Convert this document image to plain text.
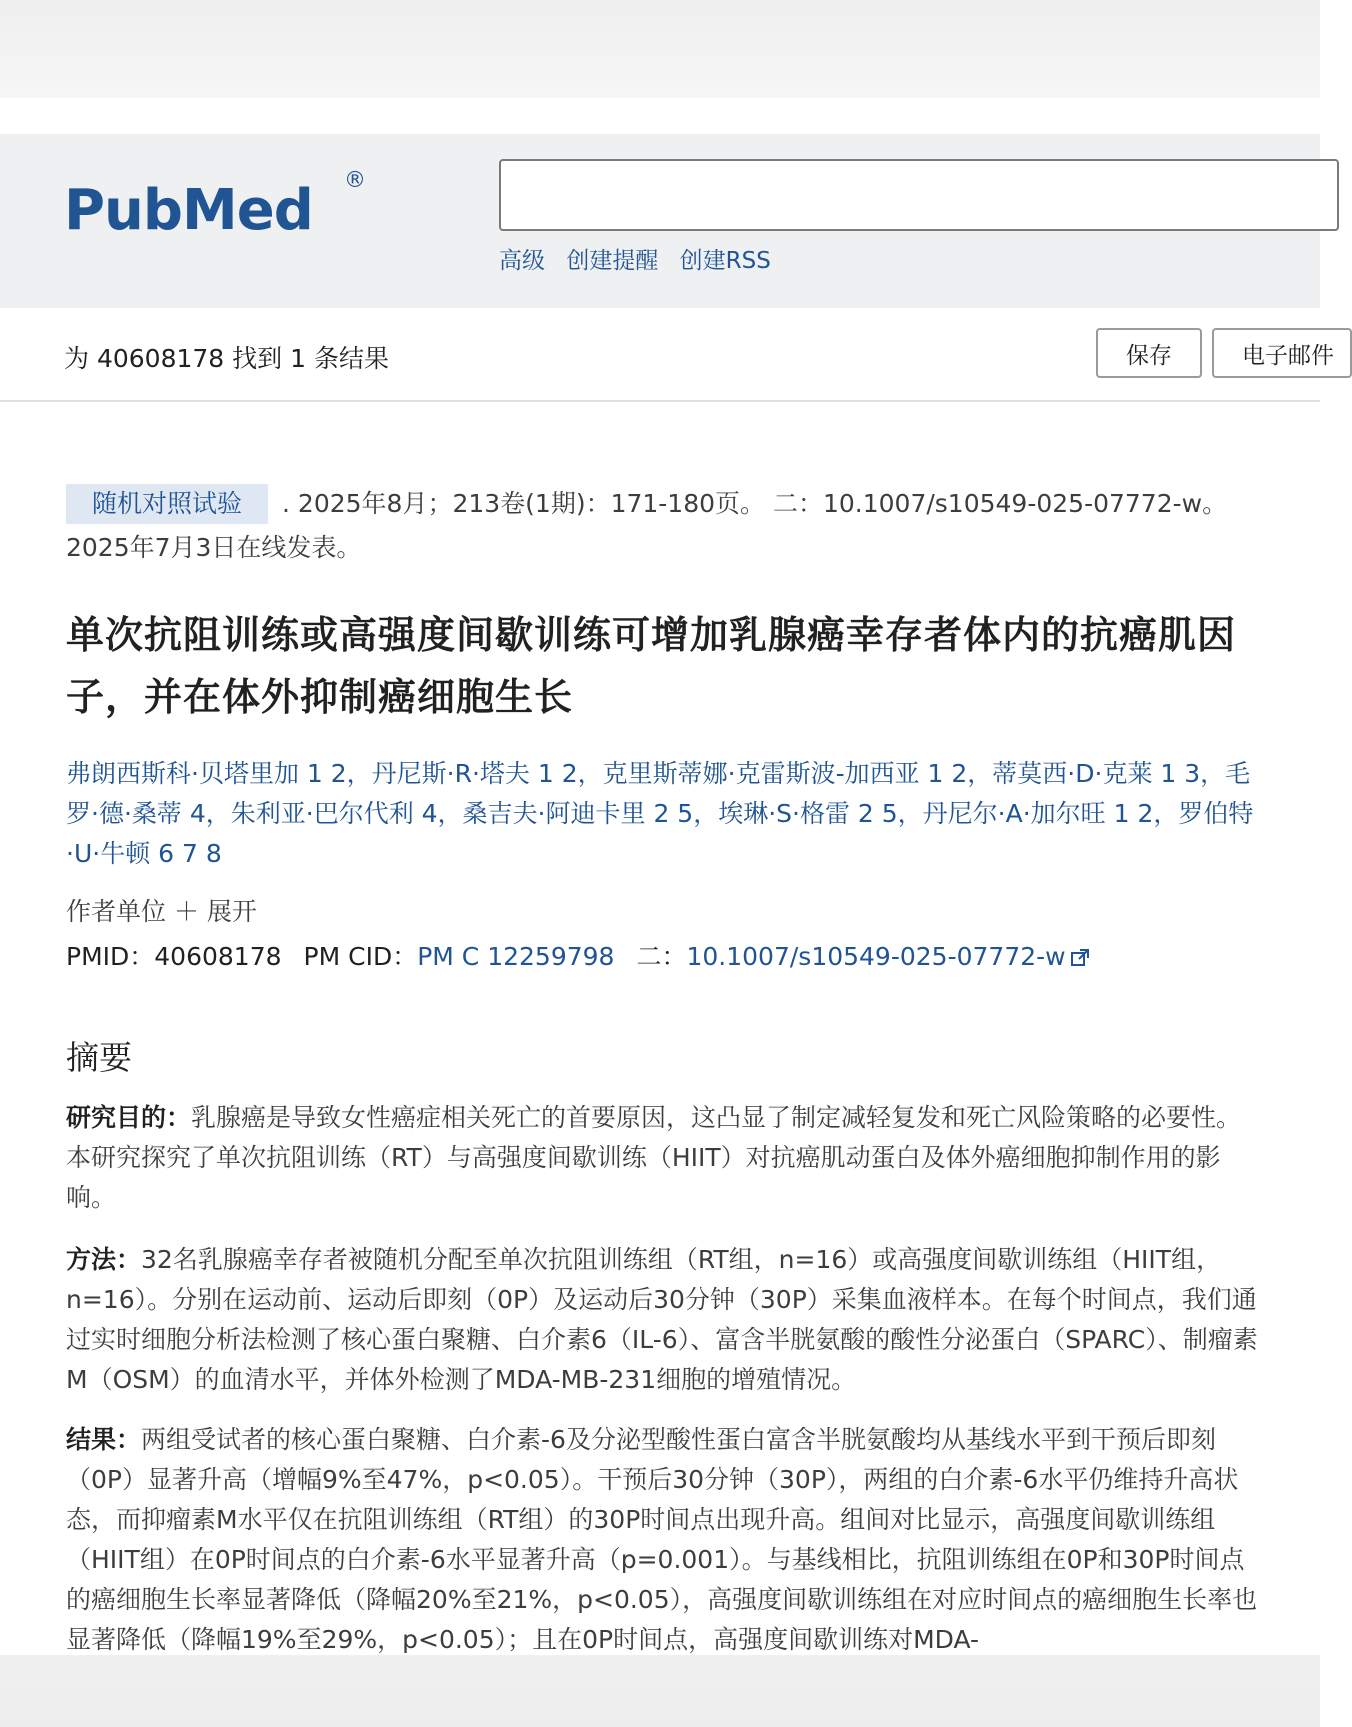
PubMed ®
高级 创建提醒 创建RSS
为 40608178 找到 1 条结果	保存	电子邮件
随机对照试验 . 2025年8月；213卷(1期)：171-180页。 二：10.1007/s10549-025-07772-w。
2025年7月3日在线发表。
单次抗阻训练或高强度间歇训练可增加乳腺癌幸存者体内的抗癌肌因子，并在体外抑制癌细胞生长
弗朗西斯科·贝塔里加 1 2，丹尼斯·R·塔夫 1 2，克里斯蒂娜·克雷斯波-加西亚 1 2，蒂莫西·D·克莱 1 3，毛罗·德·桑蒂 4，朱利亚·巴尔代利 4，桑吉夫·阿迪卡里 2 5，埃琳·S·格雷 2 5，丹尼尔·A·加尔旺 1 2，罗伯特·U·牛顿 6 7 8
作者单位 ＋ 展开
PMID：40608178 PM CID：PM C 12259798 二：10.1007/s10549-025-07772-w
摘要
研究目的：乳腺癌是导致女性癌症相关死亡的首要原因，这凸显了制定减轻复发和死亡风险策略的必要性。本研究探究了单次抗阻训练（RT）与高强度间歇训练（HIIT）对抗癌肌动蛋白及体外癌细胞抑制作用的影响。
方法：32名乳腺癌幸存者被随机分配至单次抗阻训练组（RT组，n=16）或高强度间歇训练组（HIIT组，n=16）。分别在运动前、运动后即刻（0P）及运动后30分钟（30P）采集血液样本。在每个时间点，我们通过实时细胞分析法检测了核心蛋白聚糖、白介素6（IL-6）、富含半胱氨酸的酸性分泌蛋白（SPARC）、制瘤素M（OSM）的血清水平，并体外检测了MDA-MB-231细胞的增殖情况。
结果：两组受试者的核心蛋白聚糖、白介素-6及分泌型酸性蛋白富含半胱氨酸均从基线水平到干预后即刻（0P）显著升高（增幅9%至47%，p<0.05）。干预后30分钟（30P），两组的白介素-6水平仍维持升高状态，而抑瘤素M水平仅在抗阻训练组（RT组）的30P时间点出现升高。组间对比显示，高强度间歇训练组（HIIT组）在0P时间点的白介素-6水平显著升高（p=0.001）。与基线相比，抗阻训练组在0P和30P时间点的癌细胞生长率显著降低（降幅20%至21%，p<0.05），高强度间歇训练组在对应时间点的癌细胞生长率也显著降低（降幅19%至29%，p<0.05）；且在0P时间点，高强度间歇训练对MDA-
